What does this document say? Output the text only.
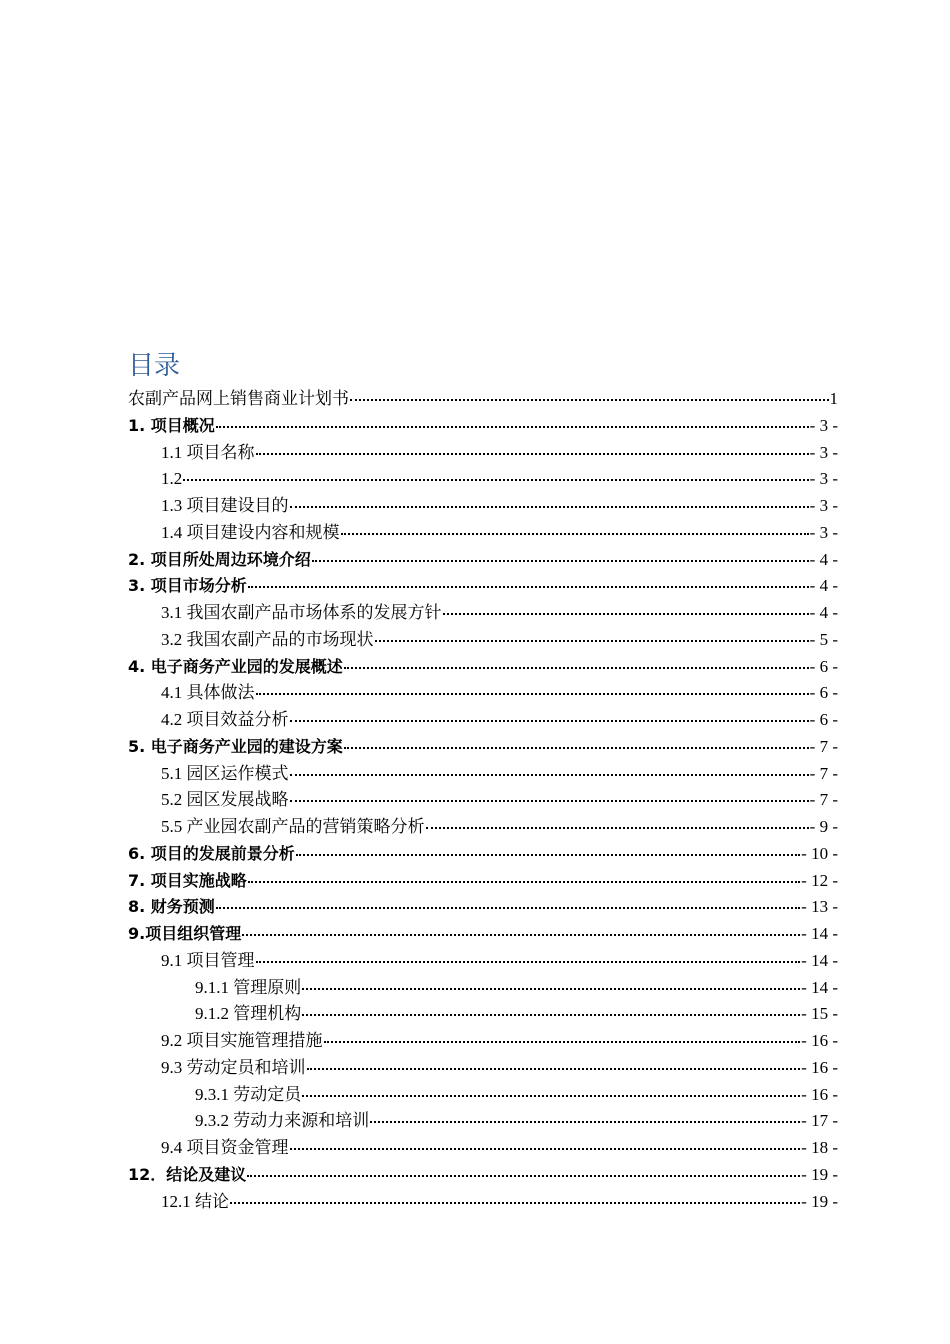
目录
农副产品网上销售商业计划书	1
1. 项目概况	- 3 -
1.1 项目名称	- 3 -
1.2	- 3 -
1.3 项目建设目的	- 3 -
1.4 项目建设内容和规模	- 3 -
2. 项目所处周边环境介绍	- 4 -
3. 项目市场分析	- 4 -
3.1 我国农副产品市场体系的发展方针	- 4 -
3.2 我国农副产品的市场现状	- 5 -
4. 电子商务产业园的发展概述	- 6 -
4.1 具体做法	- 6 -
4.2 项目效益分析	- 6 -
5. 电子商务产业园的建设方案	- 7 -
5.1 园区运作模式	- 7 -
5.2 园区发展战略	- 7 -
5.5 产业园农副产品的营销策略分析	- 9 -
6. 项目的发展前景分析	- 10 -
7. 项目实施战略	- 12 -
8. 财务预测	- 13 -
9.项目组织管理	- 14 -
9.1 项目管理	- 14 -
9.1.1 管理原则	- 14 -
9.1.2 管理机构	- 15 -
9.2 项目实施管理措施	- 16 -
9.3 劳动定员和培训	- 16 -
9.3.1 劳动定员	- 16 -
9.3.2 劳动力来源和培训	- 17 -
9.4 项目资金管理	- 18 -
12．结论及建议	- 19 -
12.1 结论	- 19 -
